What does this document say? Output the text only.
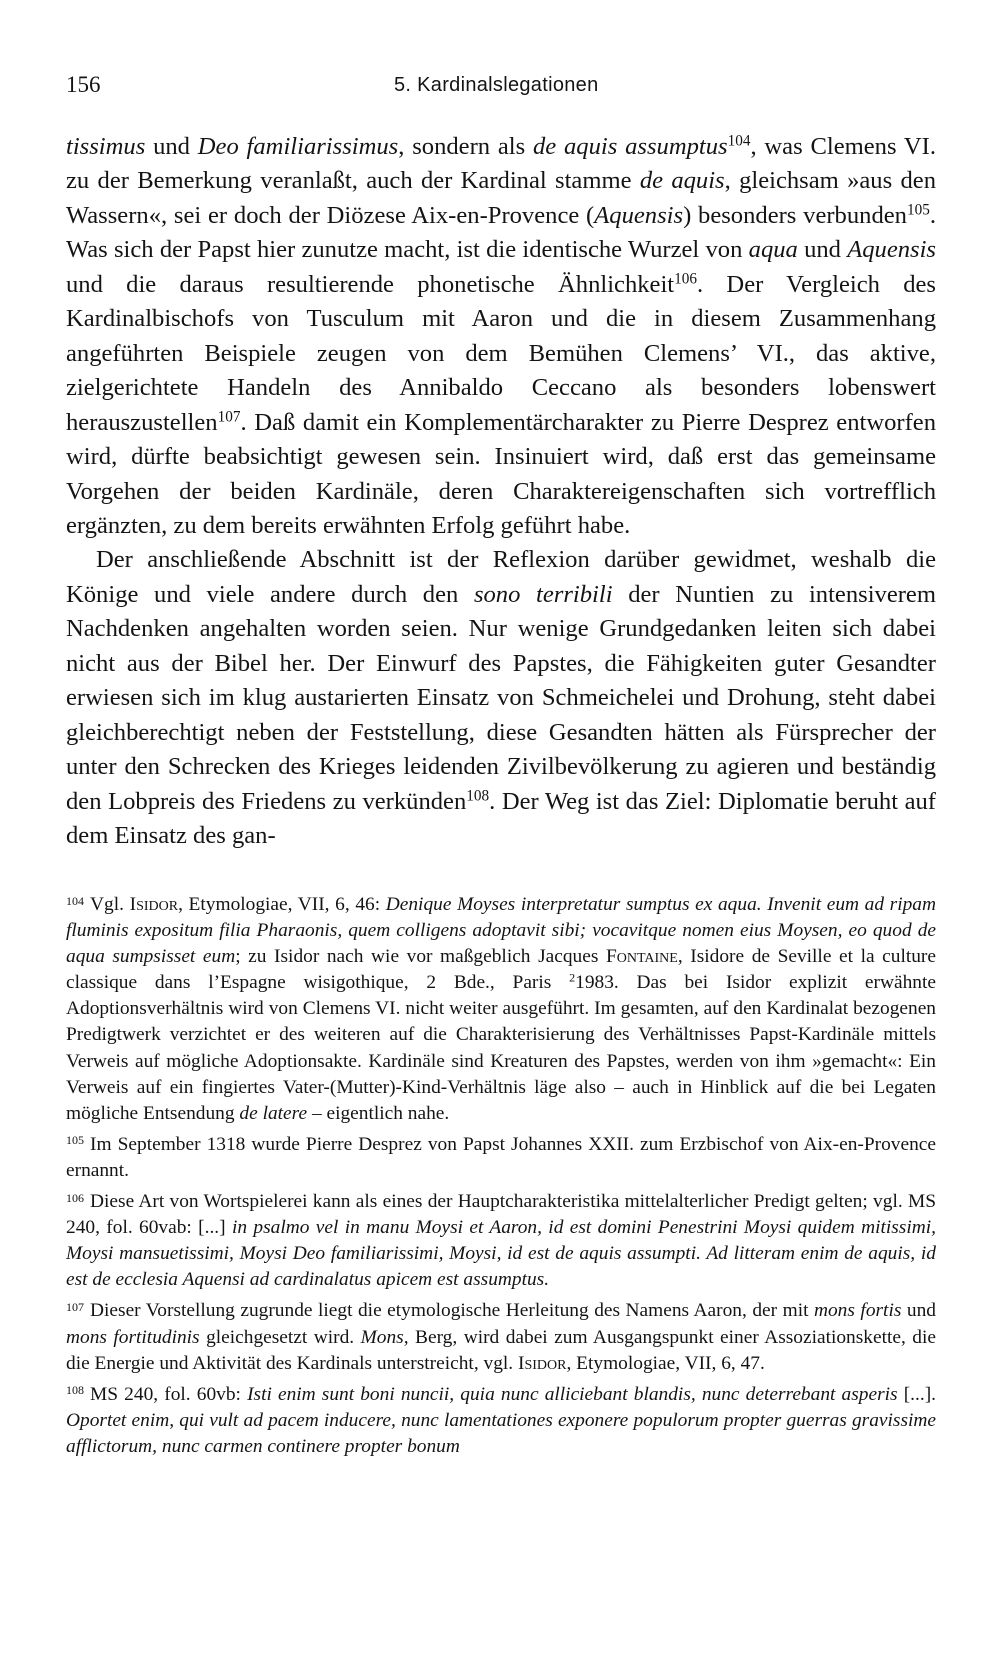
156	5. Kardinalslegationen

tissimus und Deo familiarissimus, sondern als de aquis assumptus$^{104}$, was Clemens VI. zu der Bemerkung veranlaßt, auch der Kardinal stamme de aquis, gleichsam »aus den Wassern«, sei er doch der Diözese Aix-en-Provence (Aquensis) besonders verbunden$^{105}$. Was sich der Papst hier zunutze macht, ist die identische Wurzel von aqua und Aquensis und die daraus resultierende phonetische Ähnlichkeit$^{106}$. Der Vergleich des Kardinalbischofs von Tusculum mit Aaron und die in diesem Zusammenhang angeführten Beispiele zeugen von dem Bemühen Clemens’ VI., das aktive, zielgerichtete Handeln des Annibaldo Ceccano als besonders lobenswert herauszustellen$^{107}$. Daß damit ein Komplementärcharakter zu Pierre Desprez entworfen wird, dürfte beabsichtigt gewesen sein. Insinuiert wird, daß erst das gemeinsame Vorgehen der beiden Kardinäle, deren Charaktereigenschaften sich vortrefflich ergänzten, zu dem bereits erwähnten Erfolg geführt habe.

Der anschließende Abschnitt ist der Reflexion darüber gewidmet, weshalb die Könige und viele andere durch den sono terribili der Nuntien zu intensiverem Nachdenken angehalten worden seien. Nur wenige Grundgedanken leiten sich dabei nicht aus der Bibel her. Der Einwurf des Papstes, die Fähigkeiten guter Gesandter erwiesen sich im klug austarierten Einsatz von Schmeichelei und Drohung, steht dabei gleichberechtigt neben der Feststellung, diese Gesandten hätten als Fürsprecher der unter den Schrecken des Krieges leidenden Zivilbevölkerung zu agieren und beständig den Lobpreis des Friedens zu verkünden$^{108}$. Der Weg ist das Ziel: Diplomatie beruht auf dem Einsatz des gan-

$^{104}$ Vgl. Isidor, Etymologiae, VII, 6, 46: Denique Moyses interpretatur sumptus ex aqua. Invenit eum ad ripam fluminis expositum filia Pharaonis, quem colligens adoptavit sibi; vocavitque nomen eius Moysen, eo quod de aqua sumpsisset eum; zu Isidor nach wie vor maßgeblich Jacques Fontaine, Isidore de Seville et la culture classique dans l’Espagne wisigothique, 2 Bde., Paris $^2$1983. Das bei Isidor explizit erwähnte Adoptionsverhältnis wird von Clemens VI. nicht weiter ausgeführt. Im gesamten, auf den Kardinalat bezogenen Predigtwerk verzichtet er des weiteren auf die Charakterisierung des Verhältnisses Papst-Kardinäle mittels Verweis auf mögliche Adoptionsakte. Kardinäle sind Kreaturen des Papstes, werden von ihm »gemacht«: Ein Verweis auf ein fingiertes Vater-(Mutter)-Kind-Verhältnis läge also – auch in Hinblick auf die bei Legaten mögliche Entsendung de latere – eigentlich nahe.

$^{105}$ Im September 1318 wurde Pierre Desprez von Papst Johannes XXII. zum Erzbischof von Aix-en-Provence ernannt.

$^{106}$ Diese Art von Wortspielerei kann als eines der Hauptcharakteristika mittelalterlicher Predigt gelten; vgl. MS 240, fol. 60vab: [...] in psalmo vel in manu Moysi et Aaron, id est domini Penestrini Moysi quidem mitissimi, Moysi mansuetissimi, Moysi Deo familiarissimi, Moysi, id est de aquis assumpti. Ad litteram enim de aquis, id est de ecclesia Aquensi ad cardinalatus apicem est assumptus.

$^{107}$ Dieser Vorstellung zugrunde liegt die etymologische Herleitung des Namens Aaron, der mit mons fortis und mons fortitudinis gleichgesetzt wird. Mons, Berg, wird dabei zum Ausgangspunkt einer Assoziationskette, die die Energie und Aktivität des Kardinals unterstreicht, vgl. Isidor, Etymologiae, VII, 6, 47.

$^{108}$ MS 240, fol. 60vb: Isti enim sunt boni nuncii, quia nunc alliciebant blandis, nunc deterrebant asperis [...]. Oportet enim, qui vult ad pacem inducere, nunc lamentationes exponere populorum propter guerras gravissime afflictorum, nunc carmen continere propter bonum
